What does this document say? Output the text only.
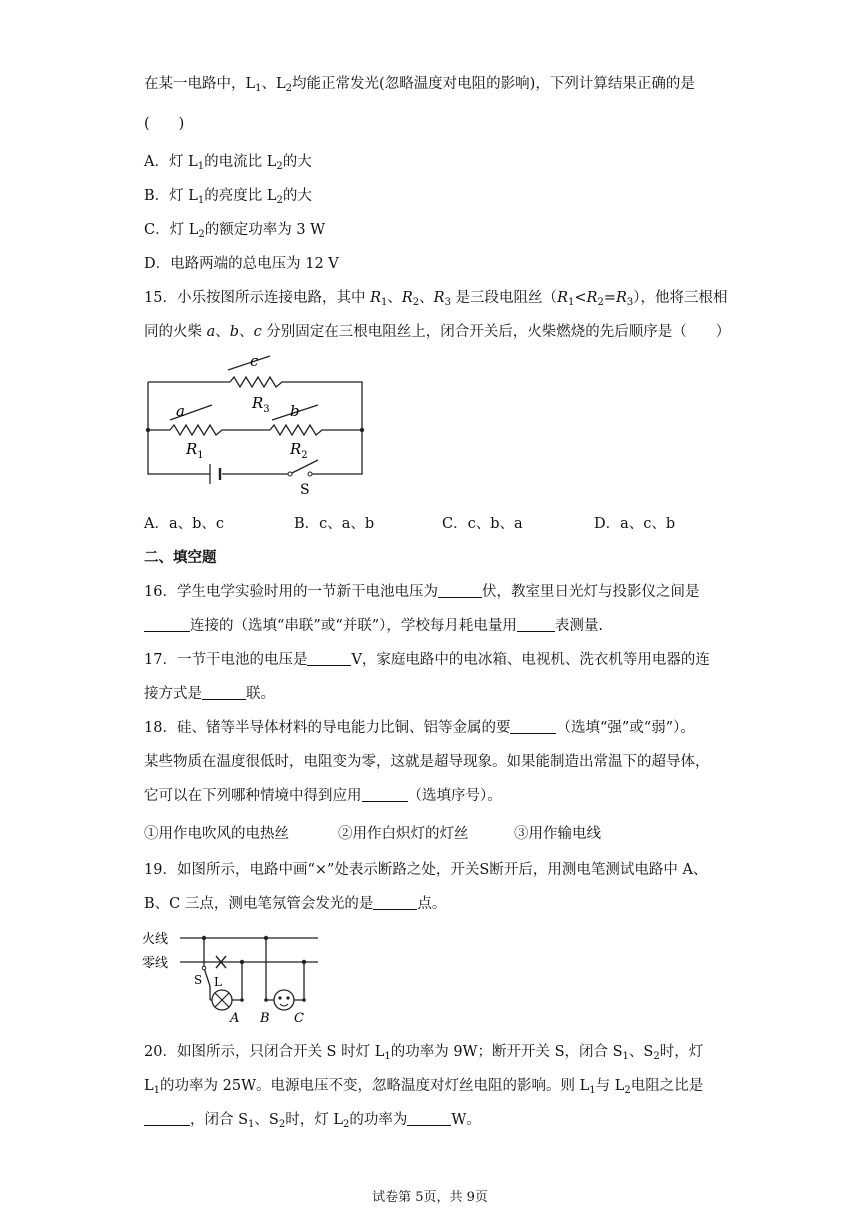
在某一电路中，$L_1$、$L_2$均能正常发光(忽略温度对电阻的影响)，下列计算结果正确的是
(　　)
A．灯 $L_1$的电流比 $L_2$的大
B．灯 $L_1$的亮度比 $L_2$的大
C．灯 $L_2$的额定功率为 3 W
D．电路两端的总电压为 12 V
15．小乐按图所示连接电路，其中 $R_1$、$R_2$、$R_3$ 是三段电阻丝$(R_1<R_2=R_3)$，他将三根相
同的火柴 a、b、c 分别固定在三根电阻丝上，闭合开关后，火柴燃烧的先后顺序是（　　）
c
$R_3$
a
$R_1$
b
$R_2$
S
A．a、b、c	B．c、a、b	C．c、b、a	D．a、c、b
二、填空题
16．学生电学实验时用的一节新干电池电压为	伏，教室里日光灯与投影仪之间是
连接的（选填“串联”或“并联”），学校每月耗电量用	表测量.
17．一节干电池的电压是	V，家庭电路中的电冰箱、电视机、洗衣机等用电器的连
接方式是	联。
18．硅、锗等半导体材料的导电能力比铜、铝等金属的要	（选填“强”或“弱”）。
某些物质在温度很低时，电阻变为零，这就是超导现象。如果能制造出常温下的超导体，
它可以在下列哪种情境中得到应用	（选填序号）。
①用作电吹风的电热丝	②用作白炽灯的灯丝	③用作输电线
19．如图所示，电路中画“×”处表示断路之处，开关S断开后，用测电笔测试电路中 A、
B、C 三点，测电笔氖管会发光的是	点。
火线
零线
S L
A B C
20．如图所示，只闭合开关 S 时灯 $L_1$的功率为 9W；断开开关 S，闭合 $S_1$、$S_2$时，灯
$L_1$的功率为 25W。电源电压不变，忽略温度对灯丝电阻的影响。则 $L_1$与 $L_2$电阻之比是
，闭合 $S_1$、$S_2$时，灯 $L_2$的功率为	W。
试卷第 5页，共 9页
